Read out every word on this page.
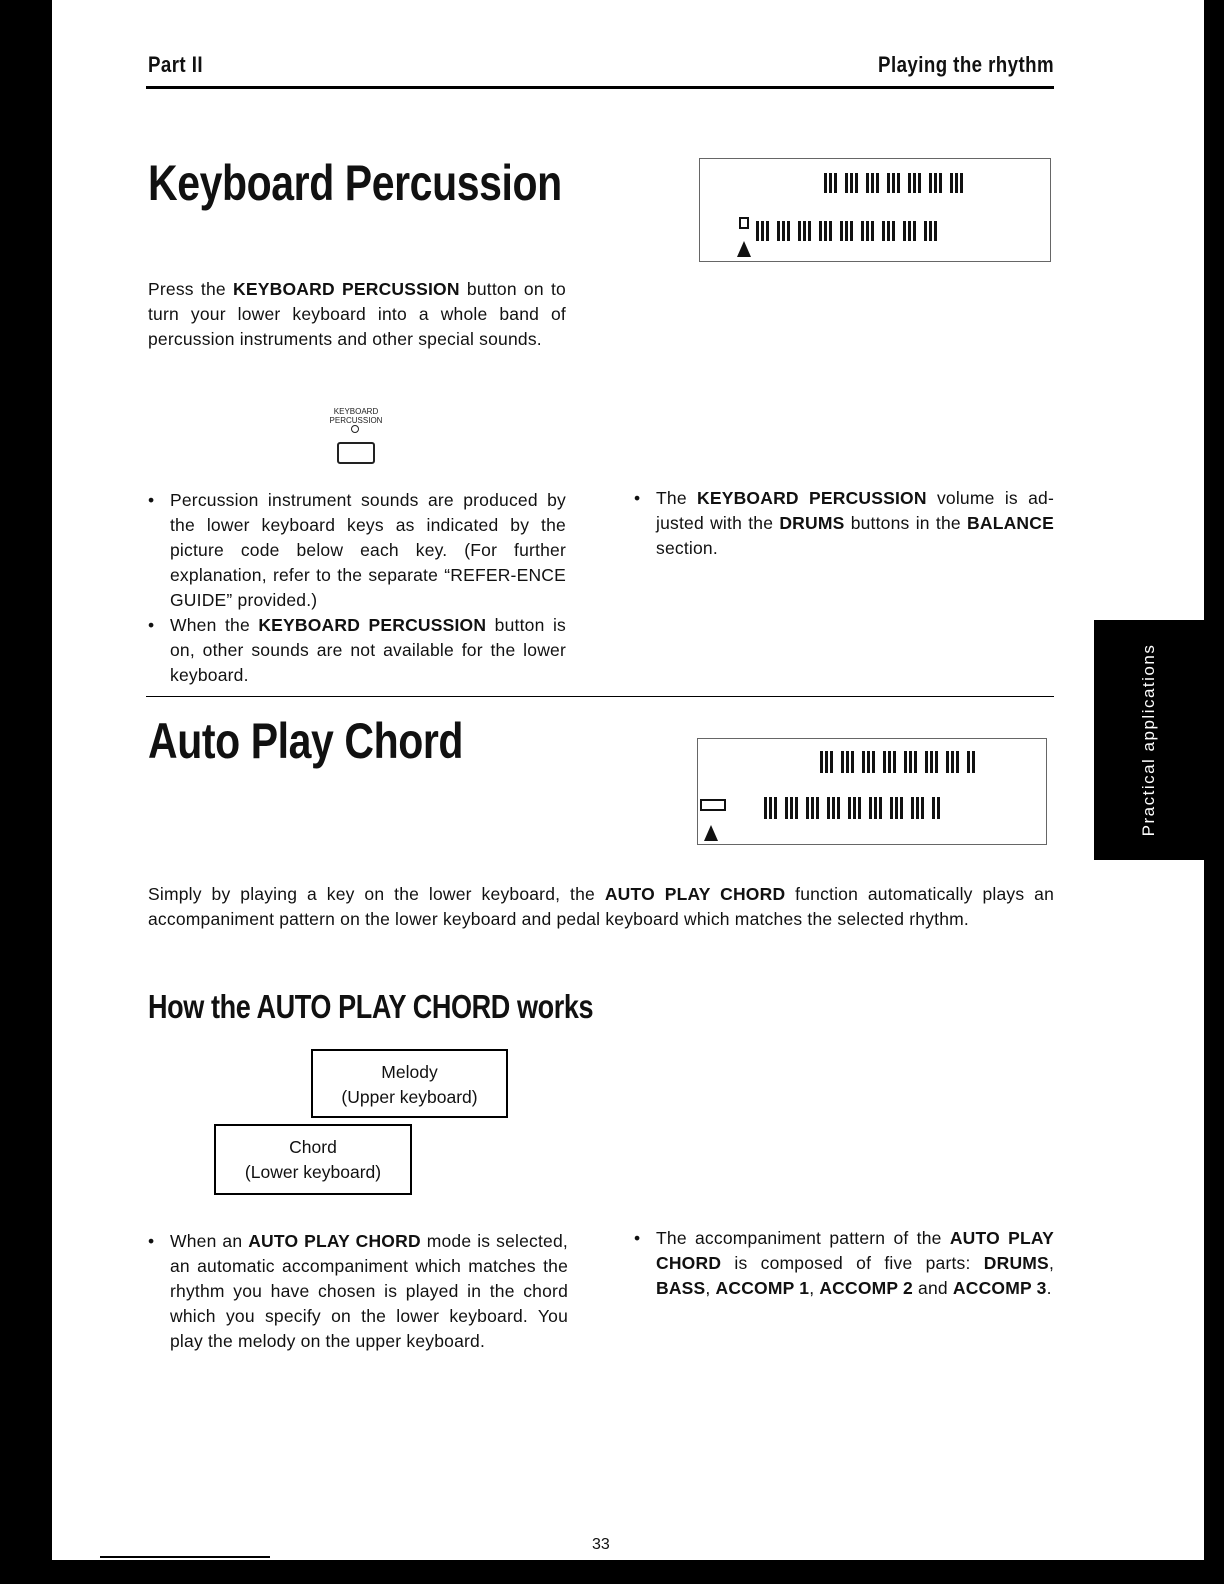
Part II	Playing the rhythm
Keyboard Percussion

Press the KEYBOARD PERCUSSION button on to turn your lower keyboard into a whole band of percussion instruments and other special sounds.

KEYBOARD
PERCUSSION
• Percussion instrument sounds are produced by the lower keyboard keys as indicated by the picture code below each key. (For further explanation, refer to the separate “REFER-ENCE GUIDE” provided.)
• When the KEYBOARD PERCUSSION button is on, other sounds are not available for the lower keyboard.
• The KEYBOARD PERCUSSION volume is ad-justed with the DRUMS buttons in the BALANCE section.
Auto Play Chord

Simply by playing a key on the lower keyboard, the AUTO PLAY CHORD function automatically plays an accompaniment pattern on the lower keyboard and pedal keyboard which matches the selected rhythm.

How the AUTO PLAY CHORD works
Melody
(Upper keyboard)
Chord
(Lower keyboard)
• When an AUTO PLAY CHORD mode is selected, an automatic accompaniment which matches the rhythm you have chosen is played in the chord which you specify on the lower keyboard. You play the melody on the upper keyboard.
• The accompaniment pattern of the AUTO PLAY CHORD is composed of five parts: DRUMS, BASS, ACCOMP 1, ACCOMP 2 and ACCOMP 3.
Practical applications
33
